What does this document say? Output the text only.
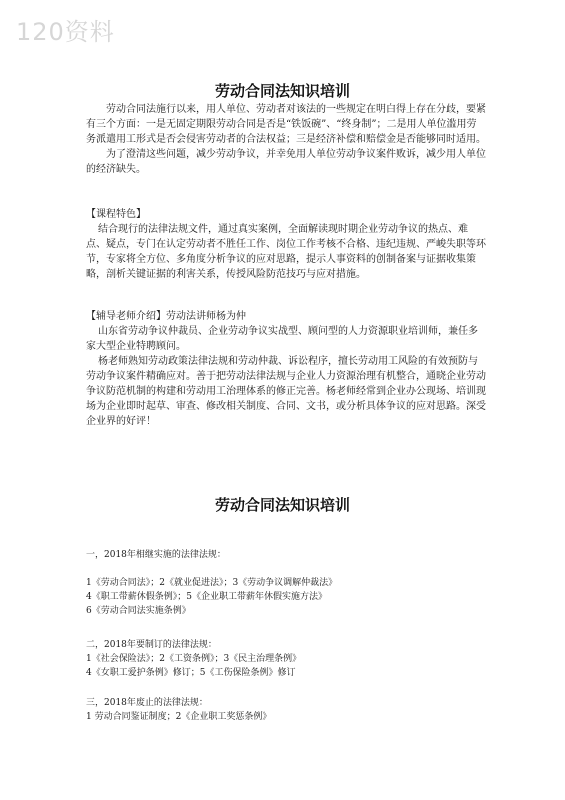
120资料
劳动合同法知识培训

劳动合同法施行以来，用人单位、劳动者对该法的一些规定在明白得上存在分歧，要紧有三个方面：一是无固定期限劳动合同是否是“铁饭碗”、“终身制”；二是用人单位滥用劳务派遣用工形式是否会侵害劳动者的合法权益；三是经济补偿和赔偿金是否能够同时适用。

为了澄清这些问题，减少劳动争议，并幸免用人单位劳动争议案件败诉，减少用人单位的经济缺失。

【课程特色】

结合现行的法律法规文件，通过真实案例，全面解读现时期企业劳动争议的热点、难点、疑点，专门在认定劳动者不胜任工作、岗位工作考核不合格、违纪违规、严峻失职等环节，专家将全方位、多角度分析争议的应对思路，提示人事资料的创制备案与证据收集策略，剖析关键证据的利害关系，传授风险防范技巧与应对措施。

【辅导老师介绍】劳动法讲师杨为仲

山东省劳动争议仲裁员、企业劳动争议实战型、顾问型的人力资源职业培训师，兼任多家大型企业特聘顾问。

杨老师熟知劳动政策法律法规和劳动仲裁、诉讼程序，擅长劳动用工风险的有效预防与劳动争议案件精确应对。善于把劳动法律法规与企业人力资源治理有机整合，通晓企业劳动争议防范机制的构建和劳动用工治理体系的修正完善。杨老师经常到企业办公现场、培训现场为企业即时起草、审查、修改相关制度、合同、文书，或分析具体争议的应对思路。深受企业界的好评！

劳动合同法知识培训

一，2018年相继实施的法律法规：

1《劳动合同法》；2《就业促进法》；3《劳动争议调解仲裁法》

4《职工带薪休假条例》；5《企业职工带薪年休假实施方法》

6《劳动合同法实施条例》

二，2018年要制订的法律法规：

1《社会保险法》；2《工资条例》；3《民主治理条例》

4《女职工爱护条例》修订；5《工伤保险条例》修订

三，2018年废止的法律法规：

1 劳动合同鉴证制度；2《企业职工奖惩条例》
